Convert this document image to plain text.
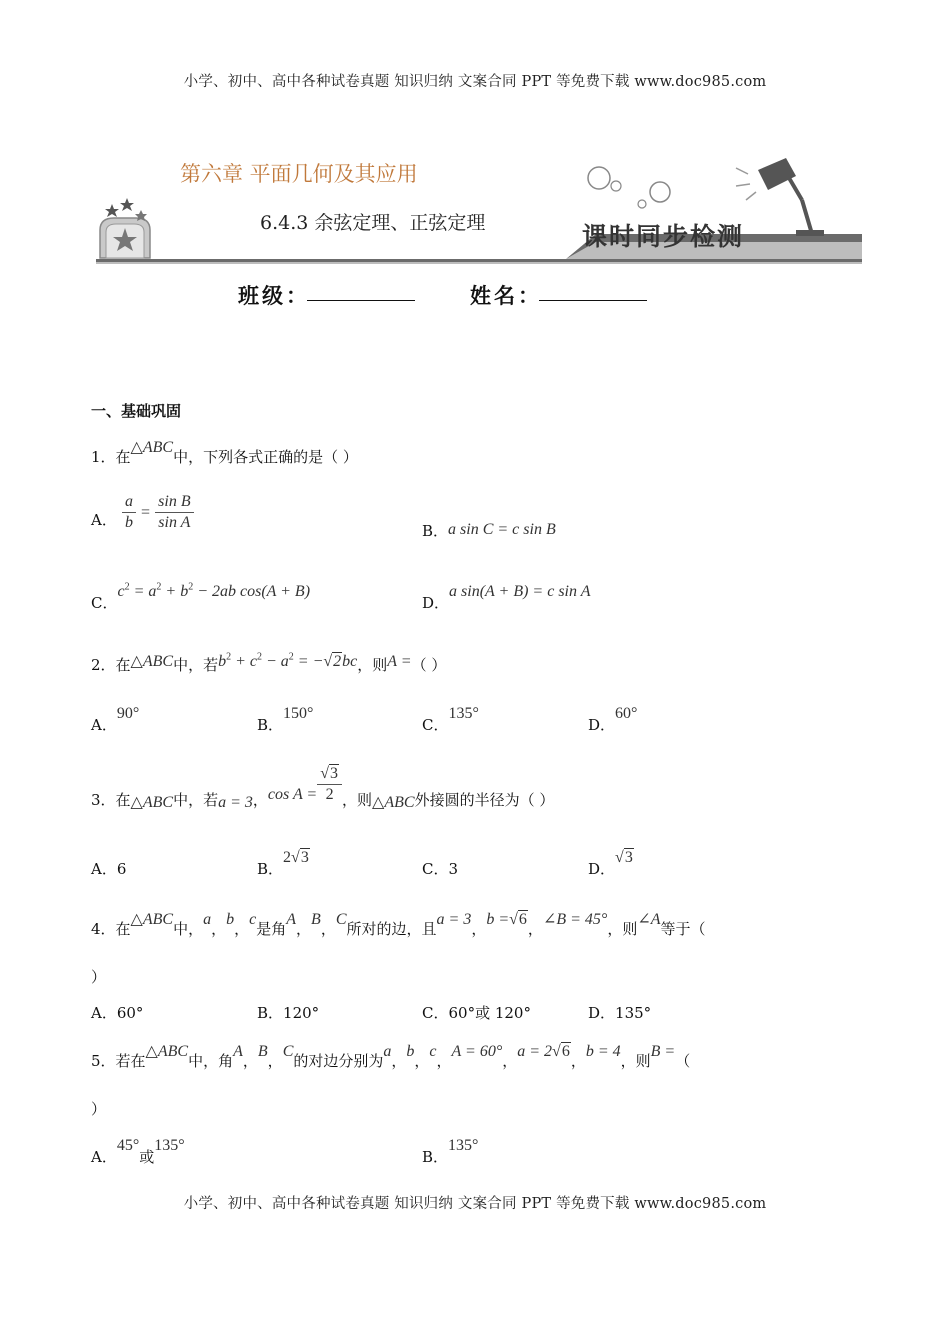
小学、初中、高中各种试卷真题 知识归纳 文案合同 PPT 等免费下载 www.doc985.com
第六章 平面几何及其应用
6.4.3 余弦定理、正弦定理	课时同步检测
班级：	姓名：
一、基础巩固
1．在△ABC中，下列各式正确的是（ ）
A． $\frac{a}{b} = \frac{\text{sin B}}{\text{sin A}}$	B．a sin C = c sin B
C．$c^2 = a^2 + b^2 - 2ab$ cos(A + B)
D．a sin(A + B) = c sin A
2．在△ABC中，若$b^2 + c^2 - a^2 = -√2bc$，则A =（ ）
A．90°
B．150°
C．135°
D．60°
3．在△ABC中，若a = 3，$\cos A = \frac{√3}{2}$ ，则△ABC外接圆的半径为（ ）
A．6	B．2√3
C．3	D．√3
4．在△ABC中，a，b，c是角A，B，C所对的边，且a = 3，b =√6，∠B = 45°，则∠A等于（
）
A．60°	B．120°	C．60°或 120°	D．135°
5．若在△ABC中，角A，B，C的对边分别为a，b，c，A = 60°，a = 2√6，b = 4，则B =（
）
A．45°或135°
B．135°
小学、初中、高中各种试卷真题 知识归纳 文案合同 PPT 等免费下载 www.doc985.com
